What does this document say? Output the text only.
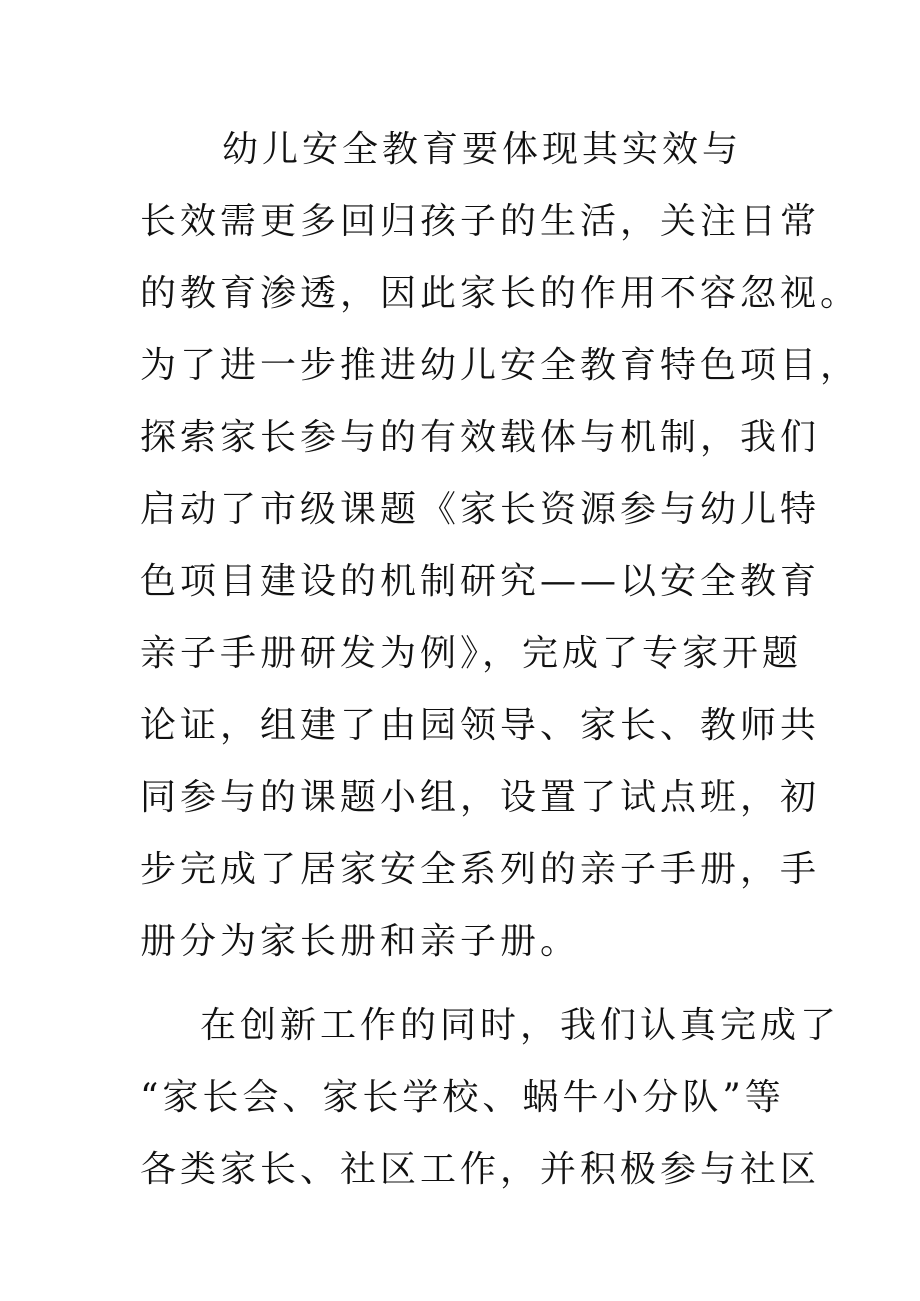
幼儿安全教育要体现其实效与
长效需更多回归孩子的生活，关注日常
的教育渗透，因此家长的作用不容忽视。
为了进一步推进幼儿安全教育特色项目，
探索家长参与的有效载体与机制，我们
启动了市级课题《家长资源参与幼儿特
色项目建设的机制研究——以安全教育
亲子手册研发为例》，完成了专家开题
论证，组建了由园领导、家长、教师共
同参与的课题小组，设置了试点班，初
步完成了居家安全系列的亲子手册，手
册分为家长册和亲子册。
在创新工作的同时，我们认真完成了
“家长会、家长学校、蜗牛小分队”等
各类家长、社区工作，并积极参与社区
